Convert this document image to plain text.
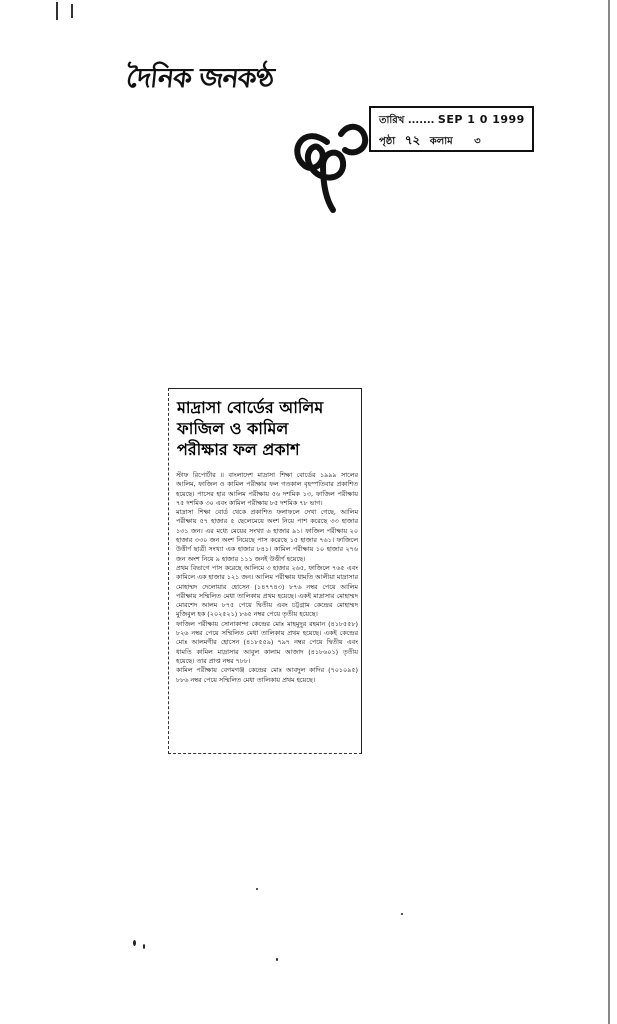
দৈনিক জনকণ্ঠ
তারিখ ....... SEP 1 0 1999
পৃষ্ঠা ৭২ কলাম ৩
মাদ্রাসা বোর্ডের আলিম
ফাজিল ও কামিল
পরীক্ষার ফল প্রকাশ

স্টাফ রিপোর্টার ॥ বাংলাদেশ মাদ্রাসা শিক্ষা বোর্ডের ১৯৯৯ সালের আলিম, ফাজিল ও কামিল পরীক্ষার ফল গতকাল বৃহস্পতিবার প্রকাশিত হয়েছে। পাসের হার আলিম পরীক্ষায় ৫৬ দশমিক ১৩, ফাজিল পরীক্ষায় ৭৫ দশমিক ৩০ এবং কামিল পরীক্ষায় ৮৫ দশমিক ৭৮ ভাগ।

মাদ্রাসা শিক্ষা বোর্ড থেকে প্রকাশিত ফলাফলে দেখা গেছে, আলিম পরীক্ষায় ৫৭ হাজার ৫ ছেলেমেয়ে অংশ নিয়ে পাশ করেছে ৩৩ হাজার ১৩১ জন। এর মধ্যে মেয়ের সংখ্যা ৬ হাজার ৯১। ফাজিল পরীক্ষায় ২০ হাজার ৩৩০ জন অংশ নিয়েছে পাস করেছে ১৫ হাজার ৭৬১। ফাজিলে উত্তীর্ণ ছাত্রী সংখ্যা এক হাজার ৮৪১। কামিল পরীক্ষায় ১০ হাজার ২৭৬ জন অংশ নিয়ে ৯ হাজার ১১১ জনই উত্তীর্ণ হয়েছে।

প্রথম বিভাগে পাস করেছে আলিমে ৩ হাজার ২৬৫, ফাজিলে ৭৬৫ এবং কামিলে এক হাজার ১২১ জন। আলিম পরীক্ষায় ধামতি আলীয়া মাদ্রাসার মোহাম্মদ দেলোয়ার হোসেন (১৪৭৭৪৩) ৮৭৬ নম্বর পেয়ে আলিম পরীক্ষায় সম্মিলিত মেধা তালিকায় প্রথম হয়েছে। একই মাদ্রাসার মোহাম্মদ মোরশেদ আলম ৮৭৫ পেয়ে দ্বিতীয় এবং চট্টগ্রাম কেন্দ্রের মোহাম্মদ মুজিবুল হক (২০২৫২১) ৮৬৫ নম্বর পেয়ে তৃতীয় হয়েছে।

ফাজিল পরীক্ষায় সোনাকান্দা কেন্দ্রের মোঃ মাহমুদুর রহমান (৪১৮৫৫৮) ৮২৬ নম্বর পেয়ে সম্মিলিত মেধা তালিকায় প্রথম হয়েছে। একই কেন্দ্রের মোঃ আলমগীর হোসেন (৪১৮৫৫৯) ৭৯৭ নম্বর পেয়ে দ্বিতীয় এবং ধামতি কামিল মাদ্রাসার আবুল কালাম আজাদ (৪১৮৬০১) তৃতীয় হয়েছে। তার প্রাপ্ত নম্বর ৭৮৮।

কামিল পরীক্ষায় বেগমগঞ্জ কেন্দ্রের মোঃ আবদুল কাদির (৭০১০৯৫) ৮৮৬ নম্বর পেয়ে সম্মিলিত মেধা তালিকায় প্রথম হয়েছে।
